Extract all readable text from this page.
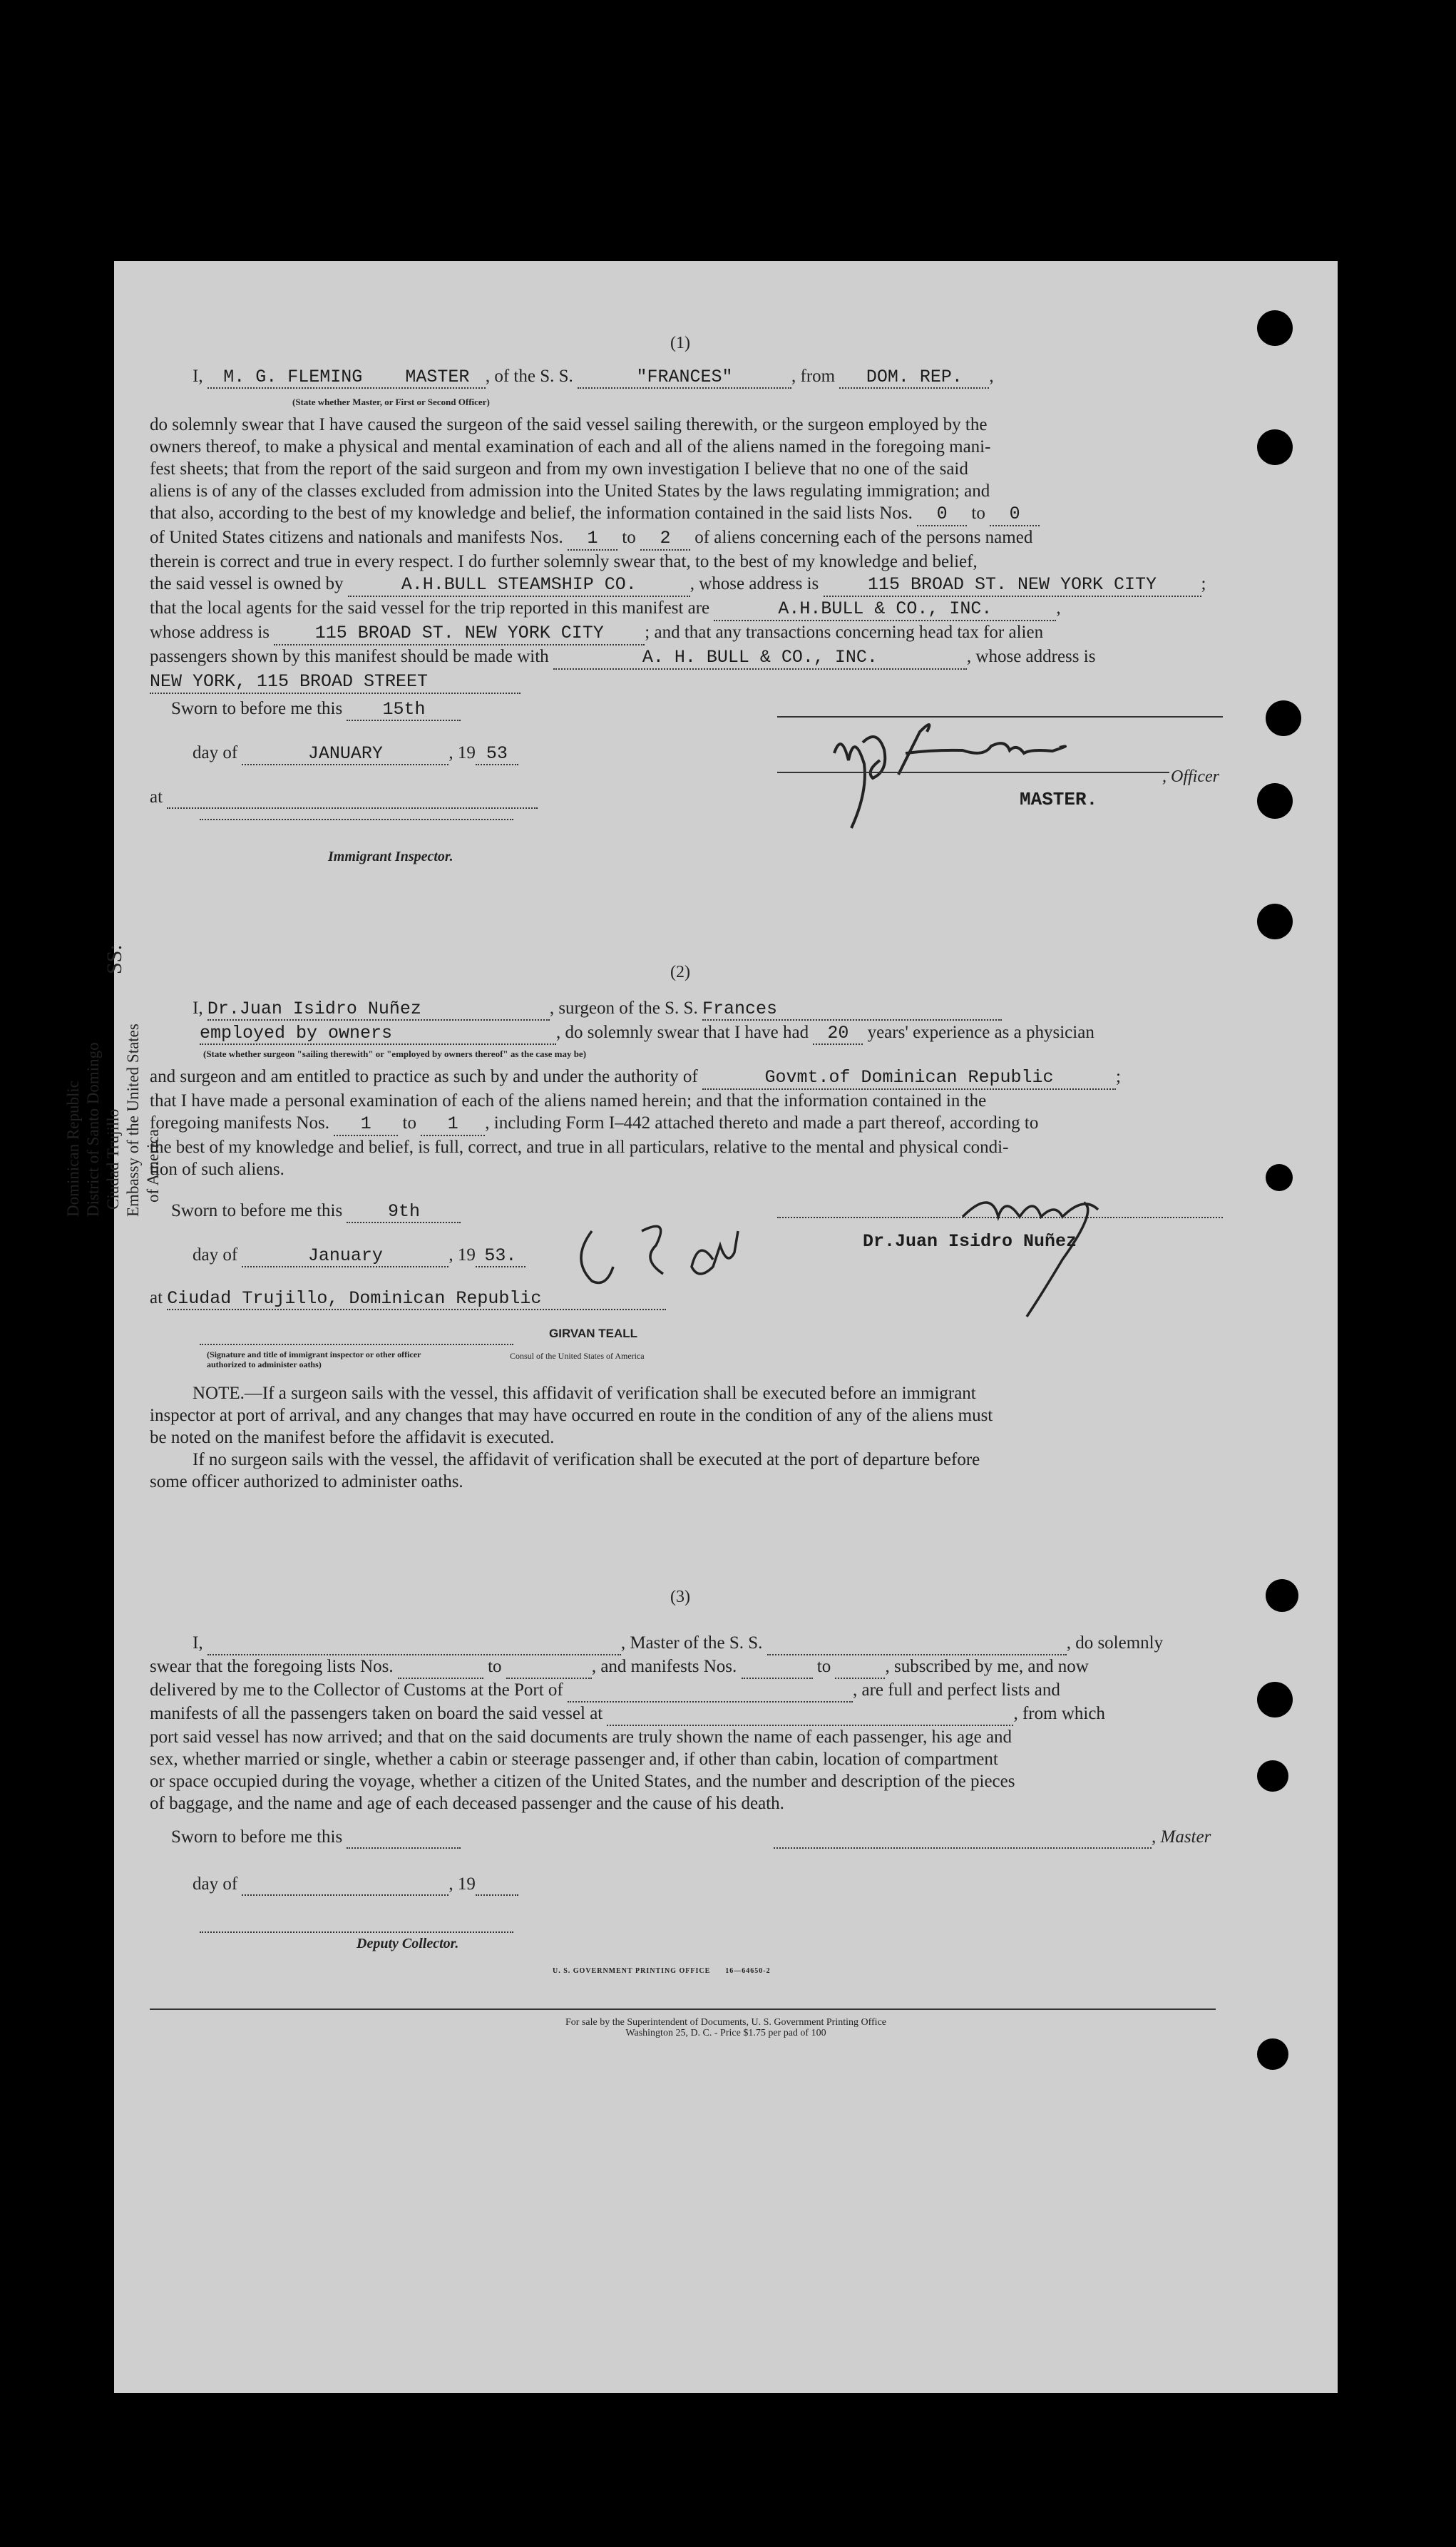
(1)
I, M. G. FLEMING MASTER , of the S. S.	"FRANCES"	, from DOM. REP. ,
(State whether Master, or First or Second Officer)
do solemnly swear that I have caused the surgeon of the said vessel sailing therewith, or the surgeon employed by the
owners thereof, to make a physical and mental examination of each and all of the aliens named in the foregoing mani-
fest sheets; that from the report of the said surgeon and from my own investigation I believe that no one of the said
aliens is of any of the classes excluded from admission into the United States by the laws regulating immigration; and
that also, according to the best of my knowledge and belief, the information contained in the said lists Nos. 0 to 0
of United States citizens and nationals and manifests Nos. 1 to 2 of aliens concerning each of the persons named
therein is correct and true in every respect. I do further solemnly swear that, to the best of my knowledge and belief,
the said vessel is owned by	A.H.BULL STEAMSHIP CO.	, whose address is	115 BROAD ST. NEW YORK CITY ;
that the local agents for the said vessel for the trip reported in this manifest are	A.H.BULL & CO., INC.	,
whose address is	115 BROAD ST. NEW YORK CITY ; and that any transactions concerning head tax for alien
passengers shown by this manifest should be made with	A. H. BULL & CO., INC.	, whose address is
NEW YORK, 115 BROAD STREET
Sworn to before me this 15th
day of	JANUARY	, 19 53
at
Immigrant Inspector.
, Officer
MASTER.
(2)
I, Dr.Juan Isidro Nuñez	, surgeon of the S. S. Frances
employed by owners	, do solemnly swear that I have had 20 years' experience as a physician
(State whether surgeon "sailing therewith" or "employed by owners thereof" as the case may be)
and surgeon and am entitled to practice as such by and under the authority of	Govmt.of Dominican Republic	;
that I have made a personal examination of each of the aliens named herein; and that the information contained in the
foregoing manifests Nos. 1 to 1 , including Form I–442 attached thereto and made a part thereof, according to
the best of my knowledge and belief, is full, correct, and true in all particulars, relative to the mental and physical condi-
tion of such aliens.
Sworn to before me this	9th
day of	January	, 19 53.
at Ciudad Trujillo, Dominican Republic
GIRVAN TEALL
(Signature and title of immigrant inspector or other officer authorized to administer oaths)
Consul of the United States of America
Dr.Juan Isidro Nuñez
NOTE.—If a surgeon sails with the vessel, this affidavit of verification shall be executed before an immigrant
inspector at port of arrival, and any changes that may have occurred en route in the condition of any of the aliens must
be noted on the manifest before the affidavit is executed.
If no surgeon sails with the vessel, the affidavit of verification shall be executed at the port of departure before
some officer authorized to administer oaths.
(3)
I,	, Master of the S. S.	, do solemnly
swear that the foregoing lists Nos.	to	, and manifests Nos.	to	, subscribed by me, and now
delivered by me to the Collector of Customs at the Port of	, are full and perfect lists and
manifests of all the passengers taken on board the said vessel at	, from which
port said vessel has now arrived; and that on the said documents are truly shown the name of each passenger, his age and
sex, whether married or single, whether a cabin or steerage passenger and, if other than cabin, location of compartment
or space occupied during the voyage, whether a citizen of the United States, and the number and description of the pieces
of baggage, and the name and age of each deceased passenger and the cause of his death.
Sworn to before me this	, Master
day of	, 19
Deputy Collector.
U. S. GOVERNMENT PRINTING OFFICE      16—64650-2
For sale by the Superintendent of Documents, U. S. Government Printing Office
Washington 25, D. C. - Price $1.75 per pad of 100
Dominican Republic District of Santo Domingo Ciudad Trujillo Embassy of the United States of America
SS:
